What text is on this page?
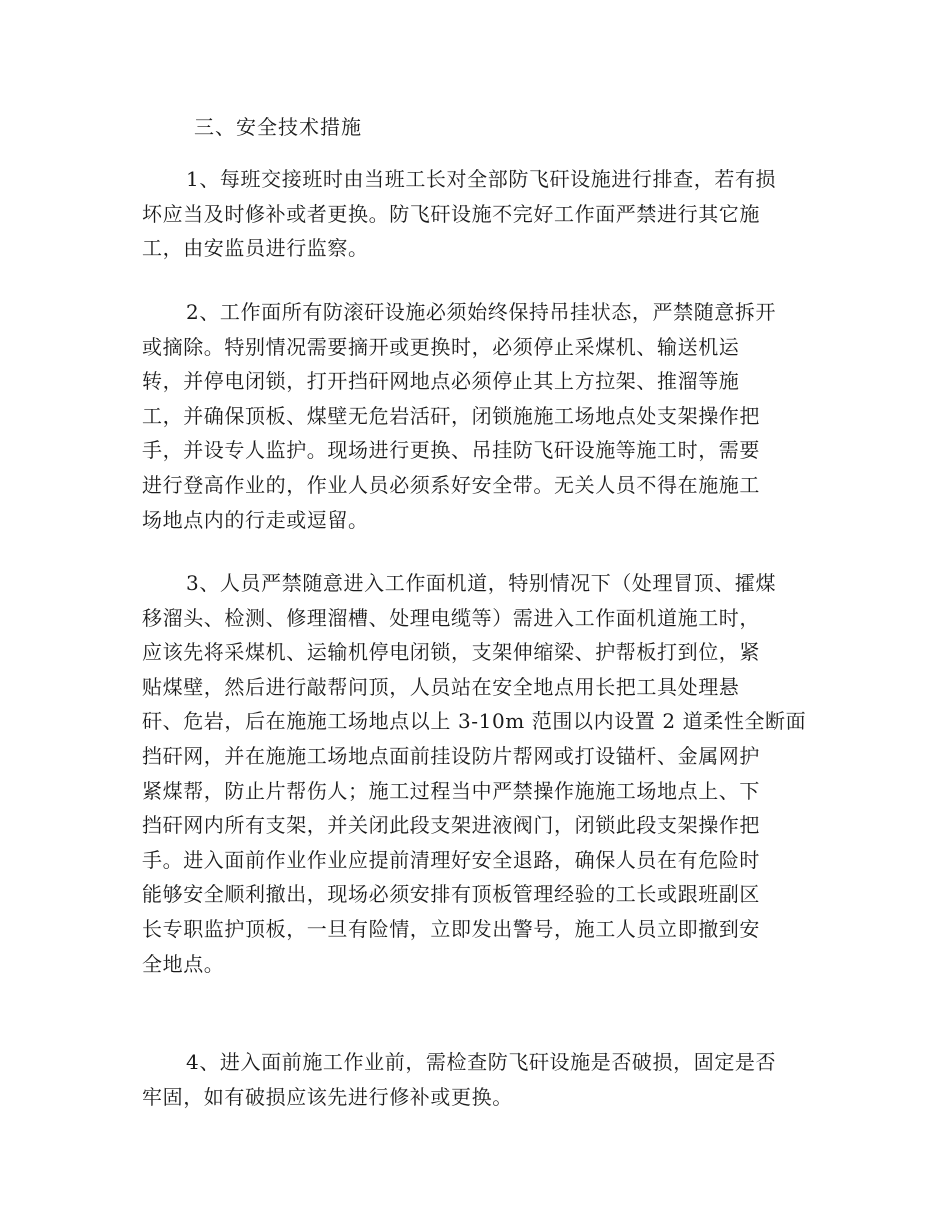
三、安全技术措施
1、每班交接班时由当班工长对全部防飞矸设施进行排查，若有损
坏应当及时修补或者更换。防飞矸设施不完好工作面严禁进行其它施
工，由安监员进行监察。
2、工作面所有防滚矸设施必须始终保持吊挂状态，严禁随意拆开
或摘除。特别情况需要摘开或更换时，必须停止采煤机、输送机运
转，并停电闭锁，打开挡矸网地点必须停止其上方拉架、推溜等施
工，并确保顶板、煤壁无危岩活矸，闭锁施施工场地点处支架操作把
手，并设专人监护。现场进行更换、吊挂防飞矸设施等施工时，需要
进行登高作业的，作业人员必须系好安全带。无关人员不得在施施工
场地点内的行走或逗留。
3、人员严禁随意进入工作面机道，特别情况下（处理冒顶、攉煤
移溜头、检测、修理溜槽、处理电缆等）需进入工作面机道施工时，
应该先将采煤机、运输机停电闭锁，支架伸缩梁、护帮板打到位，紧
贴煤壁，然后进行敲帮问顶，人员站在安全地点用长把工具处理悬
矸、危岩，后在施施工场地点以上 3-10m 范围以内设置 2 道柔性全断面
挡矸网，并在施施工场地点面前挂设防片帮网或打设锚杆、金属网护
紧煤帮，防止片帮伤人；施工过程当中严禁操作施施工场地点上、下
挡矸网内所有支架，并关闭此段支架进液阀门，闭锁此段支架操作把
手。进入面前作业作业应提前清理好安全退路，确保人员在有危险时
能够安全顺利撤出，现场必须安排有顶板管理经验的工长或跟班副区
长专职监护顶板，一旦有险情，立即发出警号，施工人员立即撤到安
全地点。
4、进入面前施工作业前，需检查防飞矸设施是否破损，固定是否
牢固，如有破损应该先进行修补或更换。
